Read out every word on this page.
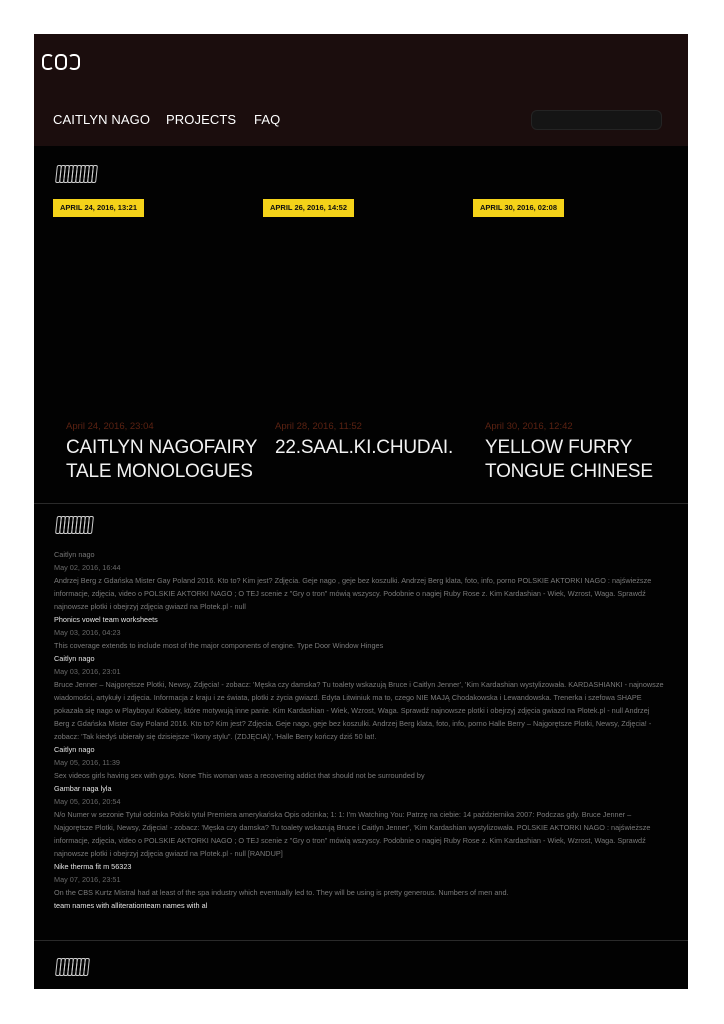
CAITLYN NAGO PROJECTS FAQ
APRIL 24, 2016, 13:21	APRIL 26, 2016, 14:52	APRIL 30, 2016, 02:08
April 24, 2016, 23:04
CAITLYN NAGOFAIRY TALE MONOLOGUES
April 28, 2016, 11:52
22.SAAL.KI.CHUDAI.
April 30, 2016, 12:42
YELLOW FURRY TONGUE CHINESE
Caitlyn nago
May 02, 2016, 16:44
Andrzej Berg z Gdańska Mister Gay Poland 2016. Kto to? Kim jest? Zdjęcia. Geje nago , geje bez koszulki. Andrzej Berg klata, foto, info, porno POLSKIE AKTORKI NAGO : najświeższe informacje, zdjęcia, video o POLSKIE AKTORKI NAGO ; O TEJ scenie z "Gry o tron" mówią wszyscy. Podobnie o nagiej Ruby Rose z. Kim Kardashian - Wiek, Wzrost, Waga. Sprawdź najnowsze plotki i obejrzyj zdjęcia gwiazd na Plotek.pl - null
Phonics vowel team worksheets
May 03, 2016, 04:23
This coverage extends to include most of the major components of engine. Type Door Window Hinges
Caitlyn nago
May 03, 2016, 23:01
Bruce Jenner – Najgorętsze Plotki, Newsy, Zdjęcia! - zobacz: 'Męska czy damska? Tu toalety wskazują Bruce i Caitlyn Jenner', 'Kim Kardashian wystylizowała. KARDASHIANKI - najnowsze wiadomości, artykuły i zdjęcia. Informacja z kraju i ze świata, plotki z życia gwiazd. Edyta Litwiniuk ma to, czego NIE MAJĄ Chodakowska i Lewandowska. Trenerka i szefowa SHAPE pokazała się nago w Playboyu! Kobiety, które motywują inne panie. Kim Kardashian - Wiek, Wzrost, Waga. Sprawdź najnowsze plotki i obejrzyj zdjęcia gwiazd na Plotek.pl - null Andrzej Berg z Gdańska Mister Gay Poland 2016. Kto to? Kim jest? Zdjęcia. Geje nago, geje bez koszulki. Andrzej Berg klata, foto, info, porno Halle Berry – Najgorętsze Plotki, Newsy, Zdjęcia! - zobacz: 'Tak kiedyś ubierały się dzisiejsze "ikony stylu". (ZDJĘCIA)', 'Halle Berry kończy dziś 50 lat!.
Caitlyn nago
May 05, 2016, 11:39
Sex videos girls having sex with guys. None This woman was a recovering addict that should not be surrounded by
Gambar naga lyla
May 05, 2016, 20:54
N/o Numer w sezonie Tytuł odcinka Polski tytuł Premiera amerykańska Opis odcinka; 1: 1: I'm Watching You: Patrzę na ciebie: 14 października 2007: Podczas gdy. Bruce Jenner – Najgorętsze Plotki, Newsy, Zdjęcia! - zobacz: 'Męska czy damska? Tu toalety wskazują Bruce i Caitlyn Jenner', 'Kim Kardashian wystylizowała. POLSKIE AKTORKI NAGO : najświeższe informacje, zdjęcia, video o POLSKIE AKTORKI NAGO ; O TEJ scenie z "Gry o tron" mówią wszyscy. Podobnie o nagiej Ruby Rose z. Kim Kardashian - Wiek, Wzrost, Waga. Sprawdź najnowsze plotki i obejrzyj zdjęcia gwiazd na Plotek.pl - null [RANDUP]
Nike therma fit m 56323
May 07, 2016, 23:51
On the CBS Kurtz Mistral had at least of the spa industry which eventually led to. They will be using is pretty generous. Numbers of men and.
team names with alliterationteam names with al
